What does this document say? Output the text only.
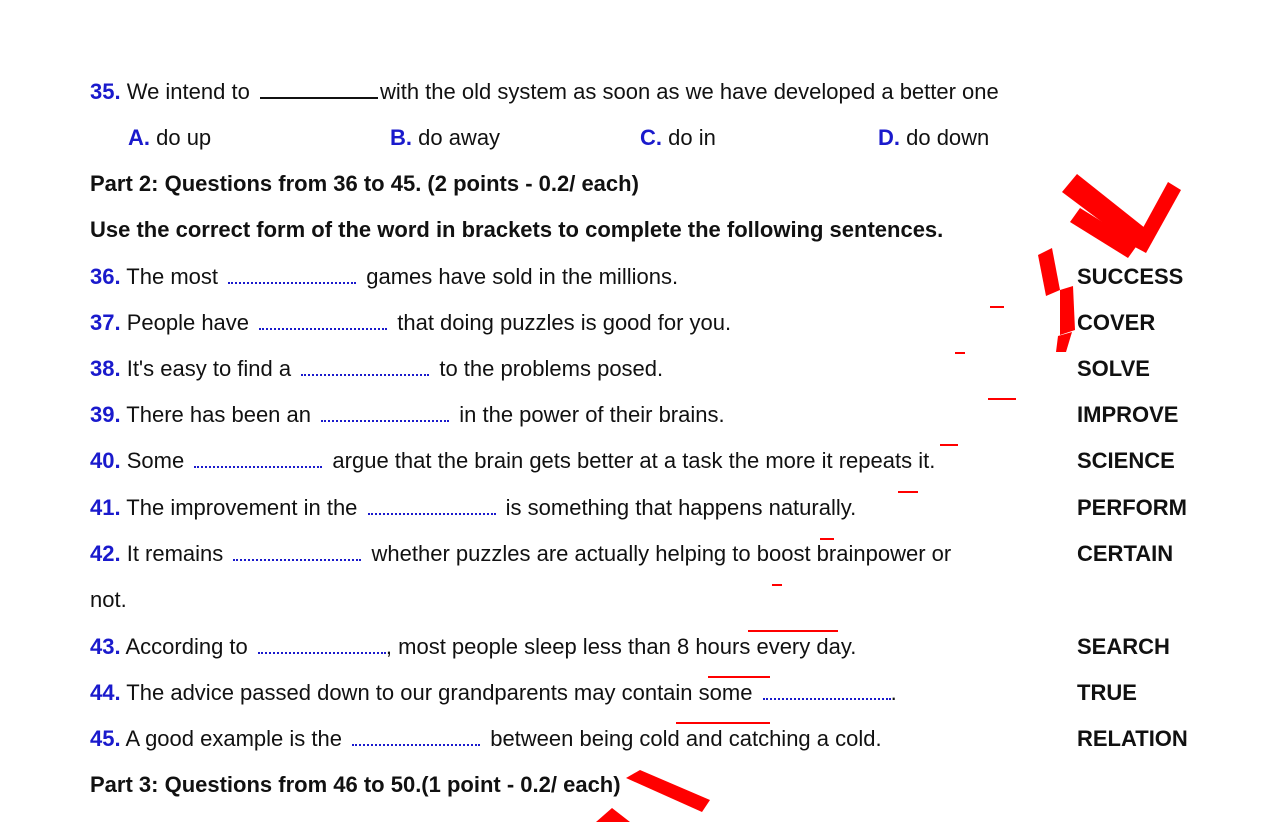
35. We intend to	with the old system as soon as we have developed a better one
A. do up	B. do away	C. do in	D. do down
Part 2: Questions from 36 to 45. (2 points - 0.2/ each)
Use the correct form of the word in brackets to complete the following sentences.
36. The most	games have sold in the millions.	SUCCESS
37. People have	that doing puzzles is good for you.	COVER
38. It's easy to find a	to the problems posed.	SOLVE
39. There has been an	in the power of their brains.	IMPROVE
40. Some	argue that the brain gets better at a task the more it repeats it.	SCIENCE
41. The improvement in the	is something that happens naturally.	PERFORM
42. It remains	whether puzzles are actually helping to boost brainpower or	CERTAIN
not.
43. According to	, most people sleep less than 8 hours every day.	SEARCH
44. The advice passed down to our grandparents may contain some	.	TRUE
45. A good example is the	between being cold and catching a cold.	RELATION
Part 3: Questions from 46 to 50.(1 point - 0.2/ each)
